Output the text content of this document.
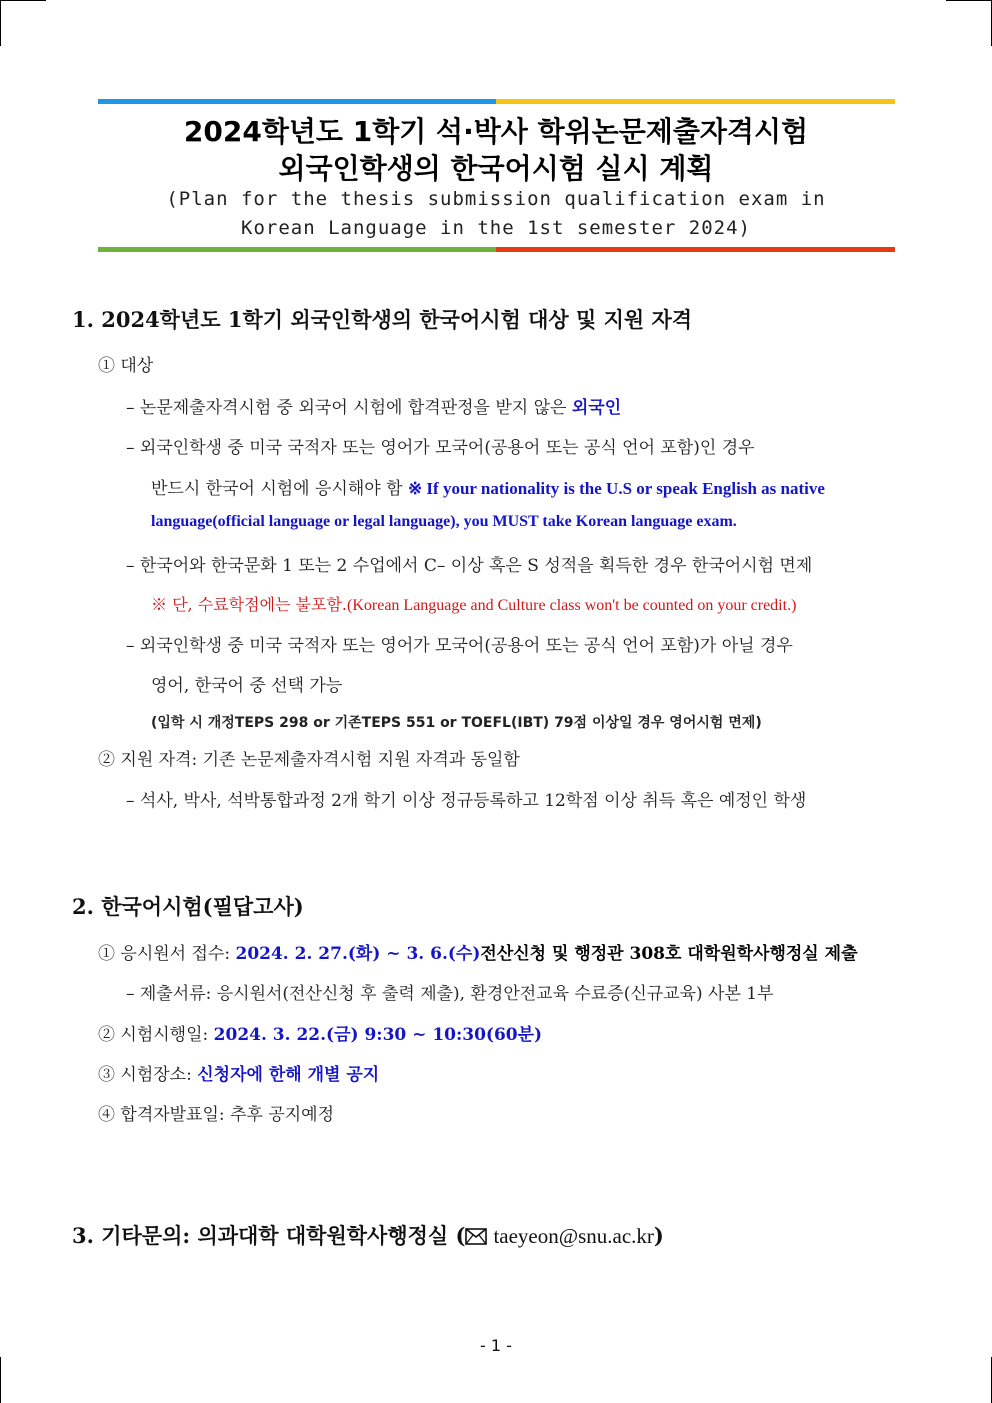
2024학년도 1학기 석·박사 학위논문제출자격시험
외국인학생의 한국어시험 실시 계획
(Plan for the thesis submission qualification exam in
Korean Language in the 1st semester 2024)
1. 2024학년도 1학기 외국인학생의 한국어시험 대상 및 지원 자격
① 대상
– 논문제출자격시험 중 외국어 시험에 합격판정을 받지 않은 외국인
– 외국인학생 중 미국 국적자 또는 영어가 모국어(공용어 또는 공식 언어 포함)인 경우
반드시 한국어 시험에 응시해야 함 ※ If your nationality is the U.S or speak English as native
language(official language or legal language), you MUST take Korean language exam.
– 한국어와 한국문화 1 또는 2 수업에서 C– 이상 혹은 S 성적을 획득한 경우 한국어시험 면제
※ 단, 수료학점에는 불포함.(Korean Language and Culture class won't be counted on your credit.)
– 외국인학생 중 미국 국적자 또는 영어가 모국어(공용어 또는 공식 언어 포함)가 아닐 경우
영어, 한국어 중 선택 가능
(입학 시 개정TEPS 298 or 기존TEPS 551 or TOEFL(IBT) 79점 이상일 경우 영어시험 면제)
② 지원 자격: 기존 논문제출자격시험 지원 자격과 동일함
– 석사, 박사, 석박통합과정 2개 학기 이상 정규등록하고 12학점 이상 취득 혹은 예정인 학생
2. 한국어시험(필답고사)
① 응시원서 접수: 2024. 2. 27.(화) ~ 3. 6.(수)전산신청 및 행정관 308호 대학원학사행정실 제출
– 제출서류: 응시원서(전산신청 후 출력 제출), 환경안전교육 수료증(신규교육) 사본 1부
② 시험시행일: 2024. 3. 22.(금) 9:30 ~ 10:30(60분)
③ 시험장소: 신청자에 한해 개별 공지
④ 합격자발표일: 추후 공지예정
3. 기타문의: 의과대학 대학원학사행정실 ( taeyeon@snu.ac.kr)
- 1 -
